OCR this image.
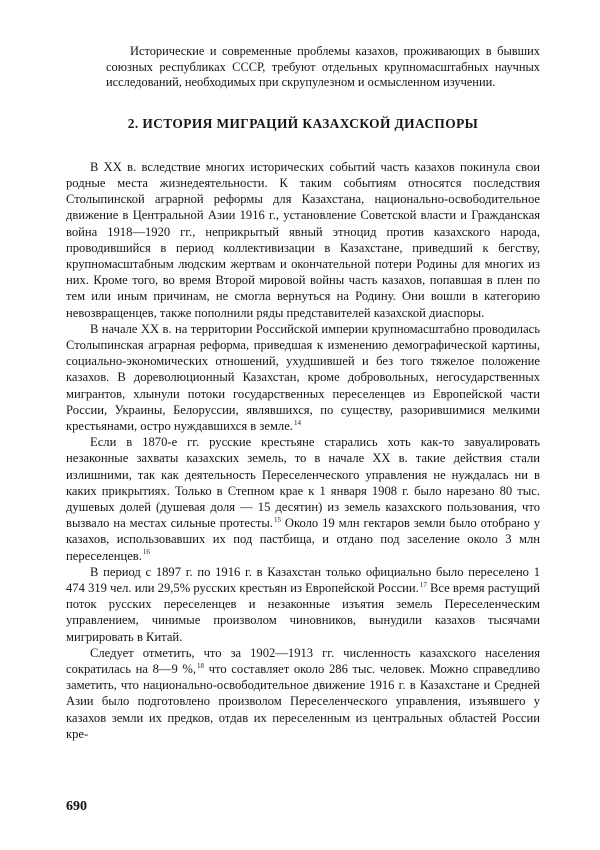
Исторические и современные проблемы казахов, проживающих в бывших союзных республиках СССР, требуют отдельных крупномасштабных научных исследований, необходимых при скрупулезном и осмысленном изучении.

2. ИСТОРИЯ МИГРАЦИЙ КАЗАХСКОЙ ДИАСПОРЫ

В XX в. вследствие многих исторических событий часть казахов покинула свои родные места жизнедеятельности. К таким событиям относятся последствия Столыпинской аграрной реформы для Казахстана, национально-освободительное движение в Центральной Азии 1916 г., установление Советской власти и Гражданская война 1918—1920 гг., неприкрытый явный этноцид против казахского народа, проводившийся в период коллективизации в Казахстане, приведший к бегству, крупномасштабным людским жертвам и окончательной потери Родины для многих из них. Кроме того, во время Второй мировой войны часть казахов, попавшая в плен по тем или иным причинам, не смогла вернуться на Родину. Они вошли в категорию невозвращенцев, также пополнили ряды представителей казахской диаспоры.

В начале XX в. на территории Российской империи крупномасштабно проводилась Столыпинская аграрная реформа, приведшая к изменению демографической картины, социально-экономических отношений, ухудшившей и без того тяжелое положение казахов. В дореволюционный Казахстан, кроме добровольных, негосударственных мигрантов, хлынули потоки государственных переселенцев из Европейской части России, Украины, Белоруссии, являвшихся, по существу, разорившимися мелкими крестьянами, остро нуждавшихся в земле.$^{14}$

Если в 1870-е гг. русские крестьяне старались хоть как-то завуалировать незаконные захваты казахских земель, то в начале XX в. такие действия стали излишними, так как деятельность Переселенческого управления не нуждалась ни в каких прикрытиях. Только в Степном крае к 1 января 1908 г. было нарезано 80 тыс. душевых долей (душевая доля — 15 десятин) из земель казахского пользования, что вызвало на местах сильные протесты.$^{15}$ Около 19 млн гектаров земли было отобрано у казахов, использовавших их под пастбища, и отдано под заселение около 3 млн переселенцев.$^{16}$

В период с 1897 г. по 1916 г. в Казахстан только официально было переселено 1 474 319 чел. или 29,5% русских крестьян из Европейской России.$^{17}$ Все время растущий поток русских переселенцев и незаконные изъятия земель Переселенческим управлением, чинимые произволом чиновников, вынудили казахов тысячами мигрировать в Китай.

Следует отметить, что за 1902—1913 гг. численность казахского населения сократилась на 8—9 %,$^{18}$ что составляет около 286 тыс. человек. Можно справедливо заметить, что национально-освободительное движение 1916 г. в Казахстане и Средней Азии было подготовлено произволом Переселенческого управления, изъявшего у казахов земли их предков, отдав их переселенным из центральных областей России кре-

690
